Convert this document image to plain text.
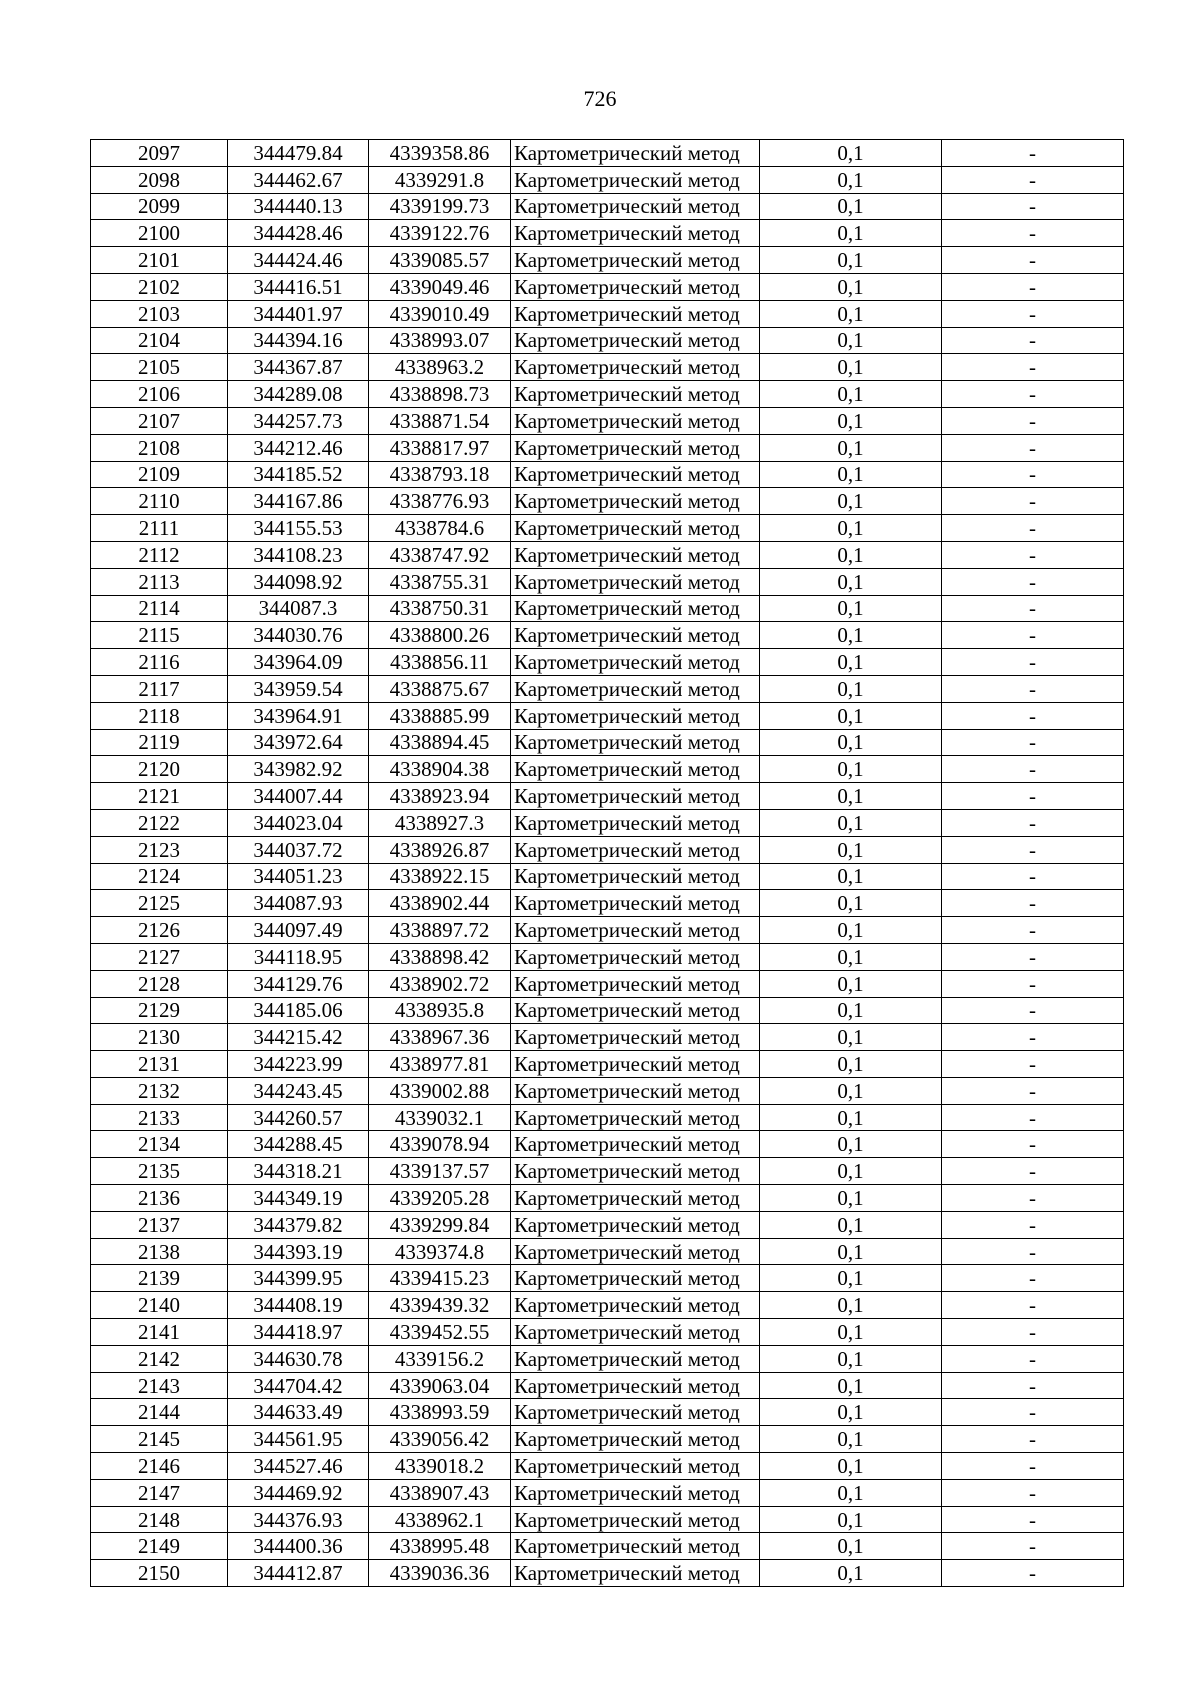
726
2097	344479.84	4339358.86	Картометрический метод	0,1	-
2098	344462.67	4339291.8	Картометрический метод	0,1	-
2099	344440.13	4339199.73	Картометрический метод	0,1	-
2100	344428.46	4339122.76	Картометрический метод	0,1	-
2101	344424.46	4339085.57	Картометрический метод	0,1	-
2102	344416.51	4339049.46	Картометрический метод	0,1	-
2103	344401.97	4339010.49	Картометрический метод	0,1	-
2104	344394.16	4338993.07	Картометрический метод	0,1	-
2105	344367.87	4338963.2	Картометрический метод	0,1	-
2106	344289.08	4338898.73	Картометрический метод	0,1	-
2107	344257.73	4338871.54	Картометрический метод	0,1	-
2108	344212.46	4338817.97	Картометрический метод	0,1	-
2109	344185.52	4338793.18	Картометрический метод	0,1	-
2110	344167.86	4338776.93	Картометрический метод	0,1	-
2111	344155.53	4338784.6	Картометрический метод	0,1	-
2112	344108.23	4338747.92	Картометрический метод	0,1	-
2113	344098.92	4338755.31	Картометрический метод	0,1	-
2114	344087.3	4338750.31	Картометрический метод	0,1	-
2115	344030.76	4338800.26	Картометрический метод	0,1	-
2116	343964.09	4338856.11	Картометрический метод	0,1	-
2117	343959.54	4338875.67	Картометрический метод	0,1	-
2118	343964.91	4338885.99	Картометрический метод	0,1	-
2119	343972.64	4338894.45	Картометрический метод	0,1	-
2120	343982.92	4338904.38	Картометрический метод	0,1	-
2121	344007.44	4338923.94	Картометрический метод	0,1	-
2122	344023.04	4338927.3	Картометрический метод	0,1	-
2123	344037.72	4338926.87	Картометрический метод	0,1	-
2124	344051.23	4338922.15	Картометрический метод	0,1	-
2125	344087.93	4338902.44	Картометрический метод	0,1	-
2126	344097.49	4338897.72	Картометрический метод	0,1	-
2127	344118.95	4338898.42	Картометрический метод	0,1	-
2128	344129.76	4338902.72	Картометрический метод	0,1	-
2129	344185.06	4338935.8	Картометрический метод	0,1	-
2130	344215.42	4338967.36	Картометрический метод	0,1	-
2131	344223.99	4338977.81	Картометрический метод	0,1	-
2132	344243.45	4339002.88	Картометрический метод	0,1	-
2133	344260.57	4339032.1	Картометрический метод	0,1	-
2134	344288.45	4339078.94	Картометрический метод	0,1	-
2135	344318.21	4339137.57	Картометрический метод	0,1	-
2136	344349.19	4339205.28	Картометрический метод	0,1	-
2137	344379.82	4339299.84	Картометрический метод	0,1	-
2138	344393.19	4339374.8	Картометрический метод	0,1	-
2139	344399.95	4339415.23	Картометрический метод	0,1	-
2140	344408.19	4339439.32	Картометрический метод	0,1	-
2141	344418.97	4339452.55	Картометрический метод	0,1	-
2142	344630.78	4339156.2	Картометрический метод	0,1	-
2143	344704.42	4339063.04	Картометрический метод	0,1	-
2144	344633.49	4338993.59	Картометрический метод	0,1	-
2145	344561.95	4339056.42	Картометрический метод	0,1	-
2146	344527.46	4339018.2	Картометрический метод	0,1	-
2147	344469.92	4338907.43	Картометрический метод	0,1	-
2148	344376.93	4338962.1	Картометрический метод	0,1	-
2149	344400.36	4338995.48	Картометрический метод	0,1	-
2150	344412.87	4339036.36	Картометрический метод	0,1	-
